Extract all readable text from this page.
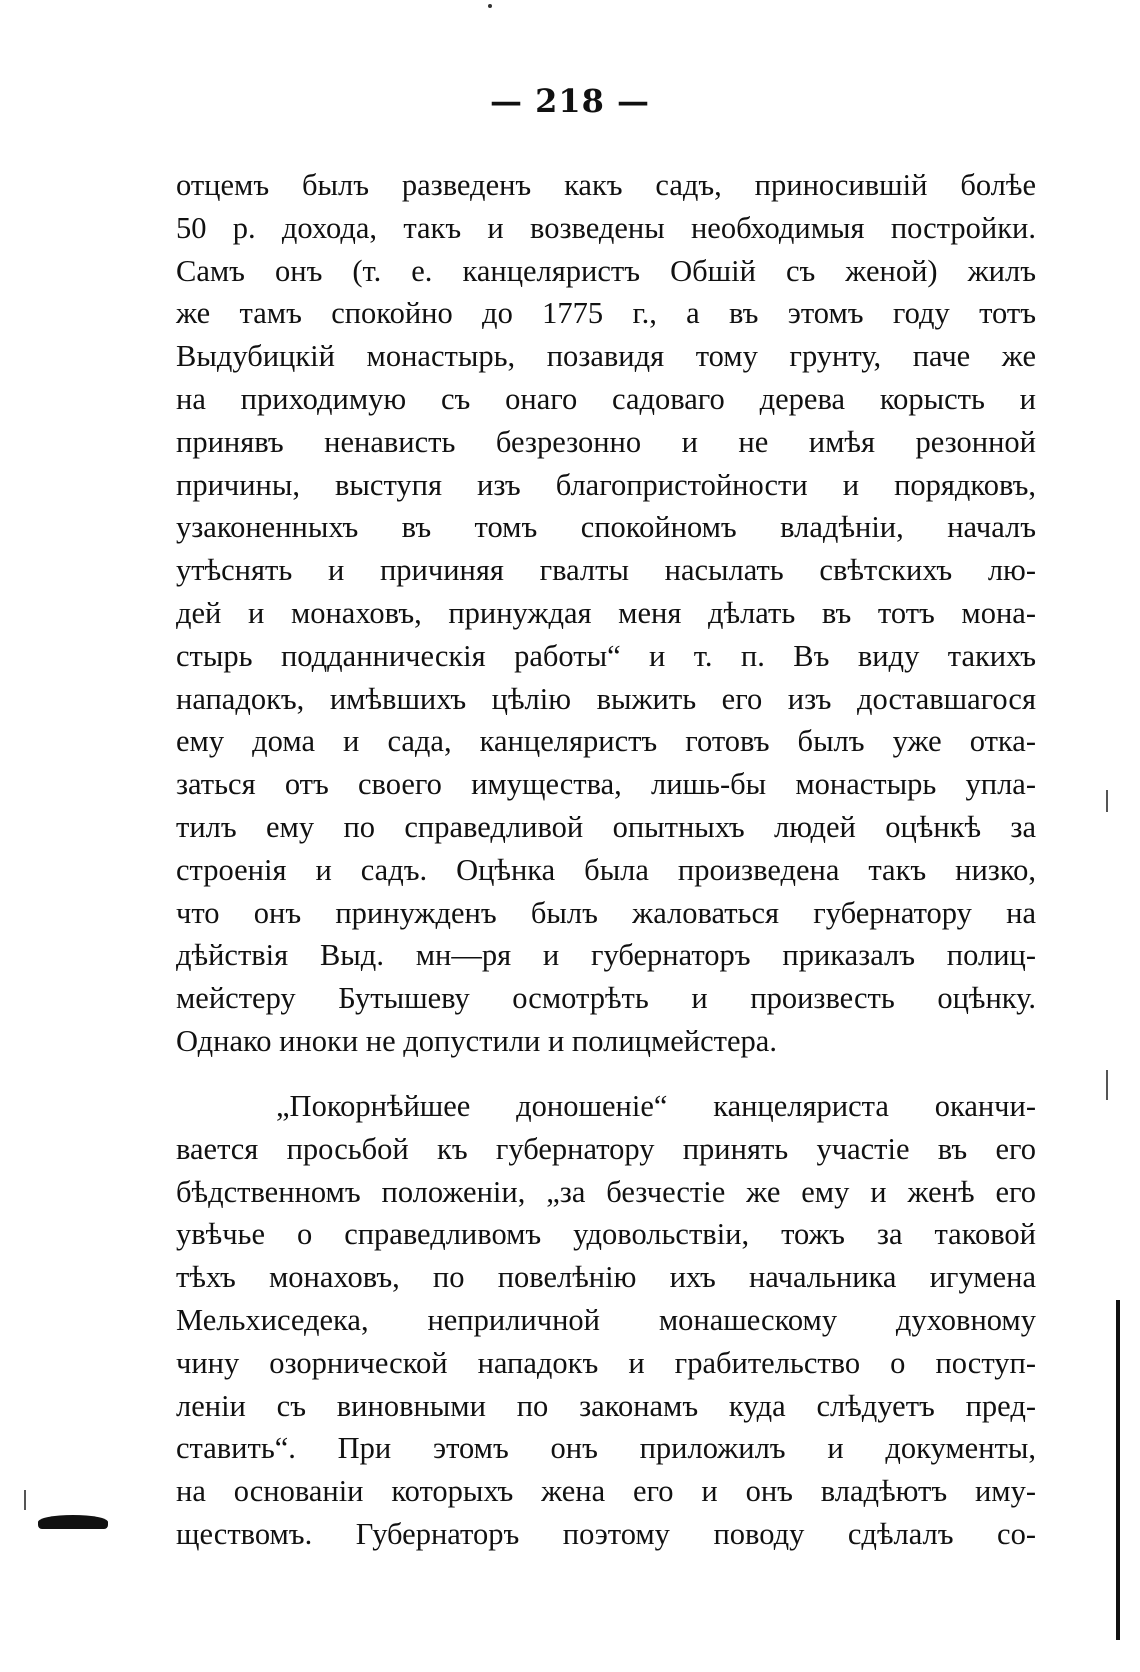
— 218 —
отцемъ былъ разведенъ какъ садъ, приносившій болѣе
50 р. дохода, такъ и возведены необходимыя постройки.
Самъ онъ (т. е. канцеляристъ Обшій съ женой) жилъ
же тамъ спокойно до 1775 г., а въ этомъ году тотъ
Выдубицкій монастырь, позавидя тому грунту, паче же
на приходимую съ онаго садоваго дерева корысть и
принявъ ненависть безрезонно и не имѣя резонной
причины, выступя изъ благопристойности и порядковъ,
узаконенныхъ въ томъ спокойномъ владѣніи, началъ
утѣснять и причиняя гвалты насылать свѣтскихъ лю-
дей и монаховъ, принуждая меня дѣлать въ тотъ мона-
стырь подданническія работы“ и т. п. Въ виду такихъ
нападокъ, имѣвшихъ цѣлію выжить его изъ доставшагося
ему дома и сада, канцеляристъ готовъ былъ уже отка-
заться отъ своего имущества, лишь-бы монастырь упла-
тилъ ему по справедливой опытныхъ людей оцѣнкѣ за
строенія и садъ. Оцѣнка была произведена такъ низко,
что онъ принужденъ былъ жаловаться губернатору на
дѣйствія Выд. мн—ря и губернаторъ приказалъ полиц-
мейстеру Бутышеву осмотрѣть и произвесть оцѣнку.
Однако иноки не допустили и полицмейстера.
„Покорнѣйшее доношеніе“ канцеляриста оканчи-
вается просьбой къ губернатору принять участіе въ его
бѣдственномъ положеніи, „за безчестіе же ему и женѣ его
увѣчье о справедливомъ удовольствіи, тожъ за таковой
тѣхъ монаховъ, по повелѣнію ихъ начальника игумена
Мельхиседека, неприличной монашескому духовному
чину озорнической нападокъ и грабительство о поступ-
леніи съ виновными по законамъ куда слѣдуетъ пред-
ставить“. При этомъ онъ приложилъ и документы,
на основаніи которыхъ жена его и онъ владѣютъ иму-
ществомъ. Губернаторъ поэтому поводу сдѣлалъ со-
